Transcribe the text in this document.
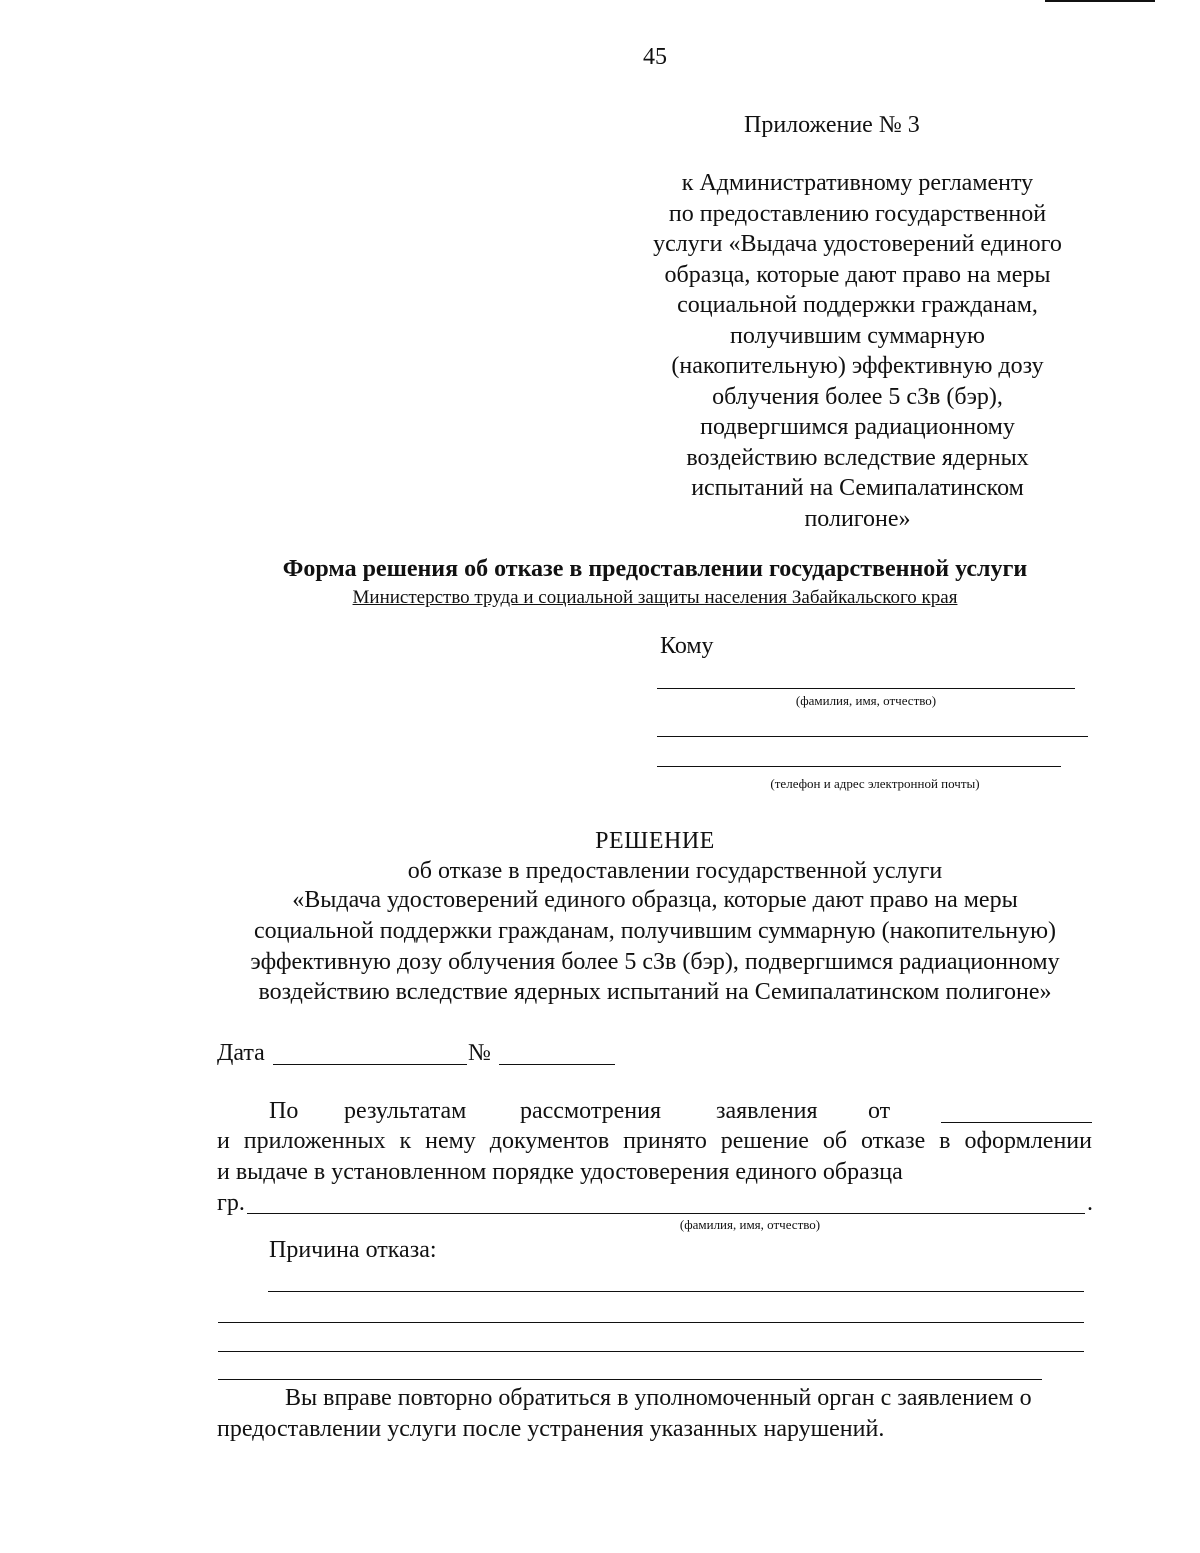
45
Приложение № 3
к Административному регламенту
по предоставлению государственной
услуги «Выдача удостоверений единого
образца, которые дают право на меры
социальной поддержки гражданам,
получившим суммарную
(накопительную) эффективную дозу
облучения более 5 сЗв (бэр),
подвергшимся радиационному
воздействию вследствие ядерных
испытаний на Семипалатинском
полигоне»
Форма решения об отказе в предоставлении государственной услуги
Министерство труда и социальной защиты населения Забайкальского края
Кому
(фамилия, имя, отчество)
(телефон и адрес электронной почты)
РЕШЕНИЕ
об отказе в предоставлении государственной услуги
«Выдача удостоверений единого образца, которые дают право на меры
социальной поддержки гражданам, получившим суммарную (накопительную)
эффективную дозу облучения более 5 сЗв (бэр), подвергшимся радиационному
воздействию вследствие ядерных испытаний на Семипалатинском полигоне»
Дата	№
По результатам рассмотрения заявления от
и приложенных к нему документов принято решение об отказе в оформлении
и выдаче в установленном порядке удостоверения единого образца
гр.	.
(фамилия, имя, отчество)
Причина отказа:
Вы вправе повторно обратиться в уполномоченный орган с заявлением о
предоставлении услуги после устранения указанных нарушений.
